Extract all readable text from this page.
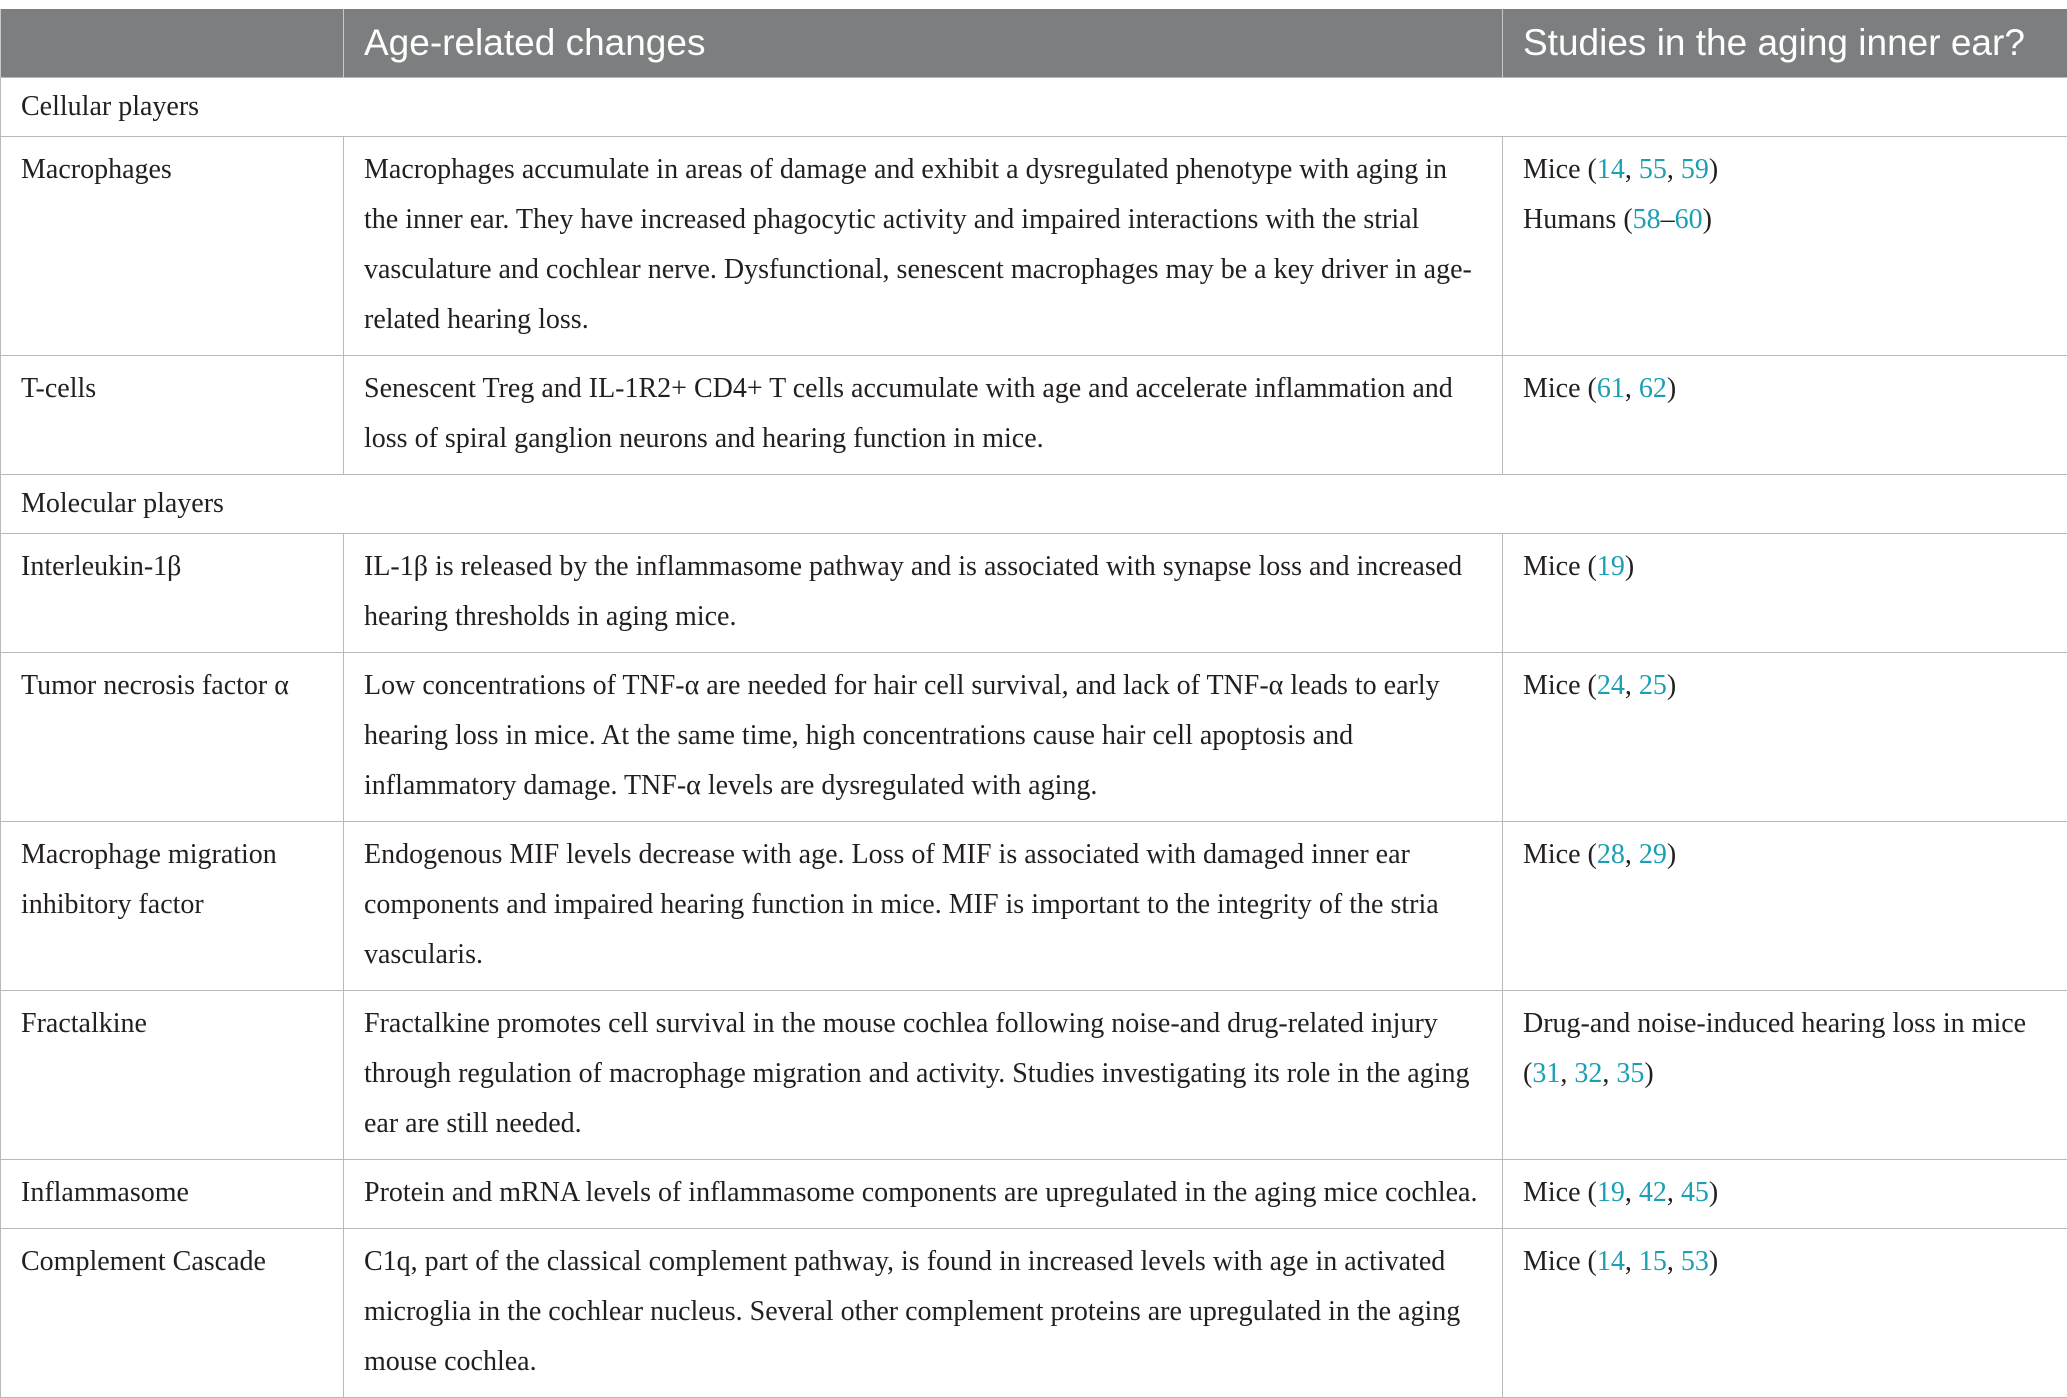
	Age-related changes	Studies in the aging inner ear?
Cellular players		
Macrophages	Macrophages accumulate in areas of damage and exhibit a dysregulated phenotype with aging in the inner ear. They have increased phagocytic activity and impaired interactions with the strial vasculature and cochlear nerve. Dysfunctional, senescent macrophages may be a key driver in age-related hearing loss.	Mice (14, 55, 59)
Humans (58–60)

T-cells	Senescent Treg and IL-1R2+ CD4+ T cells accumulate with age and accelerate inflammation and loss of spiral ganglion neurons and hearing function in mice.	Mice (61, 62)

Molecular players		
Interleukin-1β	IL-1β is released by the inflammasome pathway and is associated with synapse loss and increased hearing thresholds in aging mice.	Mice (19)

Tumor necrosis factor α	Low concentrations of TNF-α are needed for hair cell survival, and lack of TNF-α leads to early hearing loss in mice. At the same time, high concentrations cause hair cell apoptosis and inflammatory damage. TNF-α levels are dysregulated with aging.	Mice (24, 25)

Macrophage migration inhibitory factor	Endogenous MIF levels decrease with age. Loss of MIF is associated with damaged inner ear components and impaired hearing function in mice. MIF is important to the integrity of the stria vascularis.	Mice (28, 29)

Fractalkine	Fractalkine promotes cell survival in the mouse cochlea following noise-and drug-related injury through regulation of macrophage migration and activity. Studies investigating its role in the aging ear are still needed.	Drug-and noise-induced hearing loss in mice (31, 32, 35)

Inflammasome	Protein and mRNA levels of inflammasome components are upregulated in the aging mice cochlea.	Mice (19, 42, 45)

Complement Cascade	C1q, part of the classical complement pathway, is found in increased levels with age in activated microglia in the cochlear nucleus. Several other complement proteins are upregulated in the aging mouse cochlea.	Mice (14, 15, 53)
